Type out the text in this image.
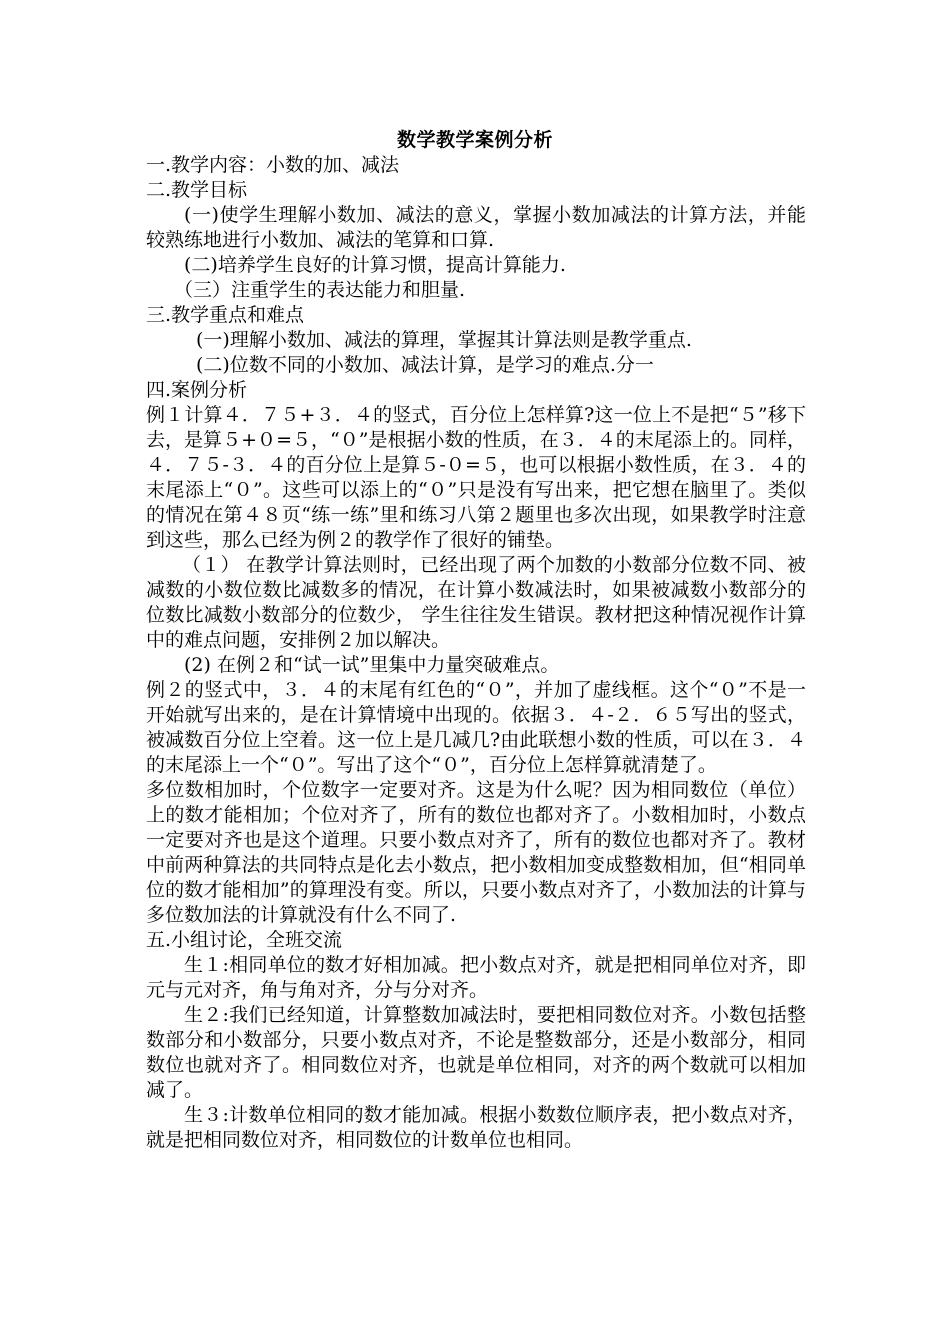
数学教学案例分析

一.教学内容：小数的加、减法

二.教学目标

(一)使学生理解小数加、减法的意义，掌握小数加减法的计算方法，并能较熟练地进行小数加、减法的笔算和口算.

(二)培养学生良好的计算习惯，提高计算能力.

（三）注重学生的表达能力和胆量.

三.教学重点和难点

(一)理解小数加、减法的算理，掌握其计算法则是教学重点.

(二)位数不同的小数加、减法计算，是学习的难点.分一

四.案例分析

例１计算４．７５+３．４的竖式，百分位上怎样算?这一位上不是把“５”移下去，是算５+０=５，“０”是根据小数的性质，在３．４的末尾添上的。同样，４．７５-３．４的百分位上是算５-０=５，也可以根据小数性质，在３．４的末尾添上“０”。这些可以添上的“０”只是没有写出来，把它想在脑里了。类似的情况在第４８页“练一练”里和练习八第２题里也多次出现，如果教学时注意到这些，那么已经为例２的教学作了很好的铺垫。

（１） 在教学计算法则时，已经出现了两个加数的小数部分位数不同、被减数的小数位数比减数多的情况，在计算小数减法时，如果被减数小数部分的位数比减数小数部分的位数少， 学生往往发生错误。教材把这种情况视作计算中的难点问题，安排例２加以解决。

(2) 在例２和“试一试”里集中力量突破难点。

例２的竖式中，３．４的末尾有红色的“０”，并加了虚线框。这个“０”不是一开始就写出来的，是在计算情境中出现的。依据３．４-２．６５写出的竖式，被减数百分位上空着。这一位上是几减几?由此联想小数的性质，可以在３．４的末尾添上一个“０”。写出了这个“０”，百分位上怎样算就清楚了。

多位数相加时，个位数字一定要对齐。这是为什么呢？因为相同数位（单位）上的数才能相加；个位对齐了，所有的数位也都对齐了。小数相加时，小数点一定要对齐也是这个道理。只要小数点对齐了，所有的数位也都对齐了。教材中前两种算法的共同特点是化去小数点，把小数相加变成整数相加，但“相同单位的数才能相加”的算理没有变。所以，只要小数点对齐了，小数加法的计算与多位数加法的计算就没有什么不同了.

五.小组讨论，全班交流

生１:相同单位的数才好相加减。把小数点对齐，就是把相同单位对齐，即元与元对齐，角与角对齐，分与分对齐。

生２:我们已经知道，计算整数加减法时，要把相同数位对齐。小数包括整数部分和小数部分，只要小数点对齐，不论是整数部分，还是小数部分，相同数位也就对齐了。相同数位对齐，也就是单位相同，对齐的两个数就可以相加减了。

生３:计数单位相同的数才能加减。根据小数数位顺序表，把小数点对齐，就是把相同数位对齐，相同数位的计数单位也相同。
